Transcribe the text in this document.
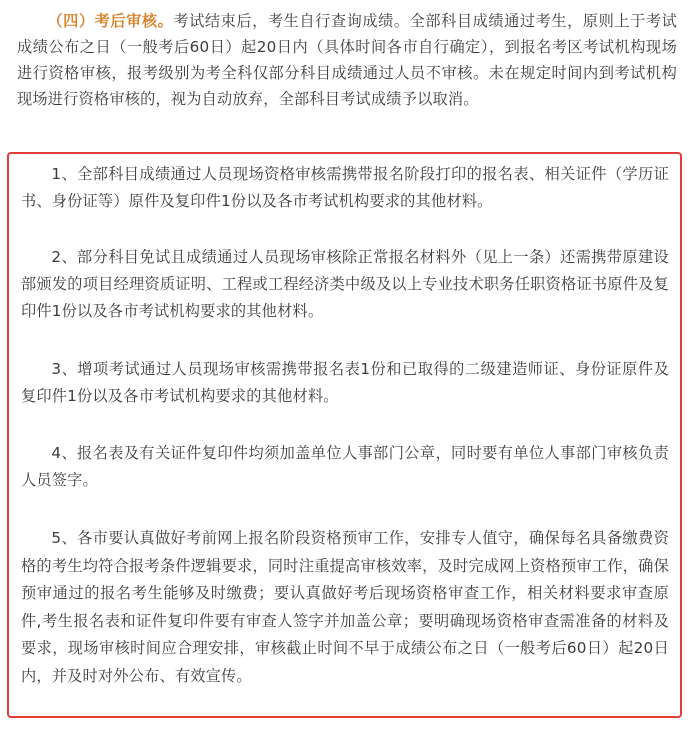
（四）考后审核。考试结束后，考生自行查询成绩。全部科目成绩通过考生，原则上于考试成绩公布之日（一般考后60日）起20日内（具体时间各市自行确定），到报名考区考试机构现场进行资格审核，报考级别为考全科仅部分科目成绩通过人员不审核。未在规定时间内到考试机构现场进行资格审核的，视为自动放弃，全部科目考试成绩予以取消。

1、全部科目成绩通过人员现场资格审核需携带报名阶段打印的报名表、相关证件（学历证书、身份证等）原件及复印件1份以及各市考试机构要求的其他材料。

2、部分科目免试且成绩通过人员现场审核除正常报名材料外（见上一条）还需携带原建设部颁发的项目经理资质证明、工程或工程经济类中级及以上专业技术职务任职资格证书原件及复印件1份以及各市考试机构要求的其他材料。

3、增项考试通过人员现场审核需携带报名表1份和已取得的二级建造师证、身份证原件及复印件1份以及各市考试机构要求的其他材料。

4、报名表及有关证件复印件均须加盖单位人事部门公章，同时要有单位人事部门审核负责人员签字。

5、各市要认真做好考前网上报名阶段资格预审工作，安排专人值守，确保每名具备缴费资格的考生均符合报考条件逻辑要求，同时注重提高审核效率，及时完成网上资格预审工作，确保预审通过的报名考生能够及时缴费；要认真做好考后现场资格审查工作，相关材料要求审查原件,考生报名表和证件复印件要有审查人签字并加盖公章；要明确现场资格审查需准备的材料及要求，现场审核时间应合理安排，审核截止时间不早于成绩公布之日（一般考后60日）起20日内，并及时对外公布、有效宣传。
